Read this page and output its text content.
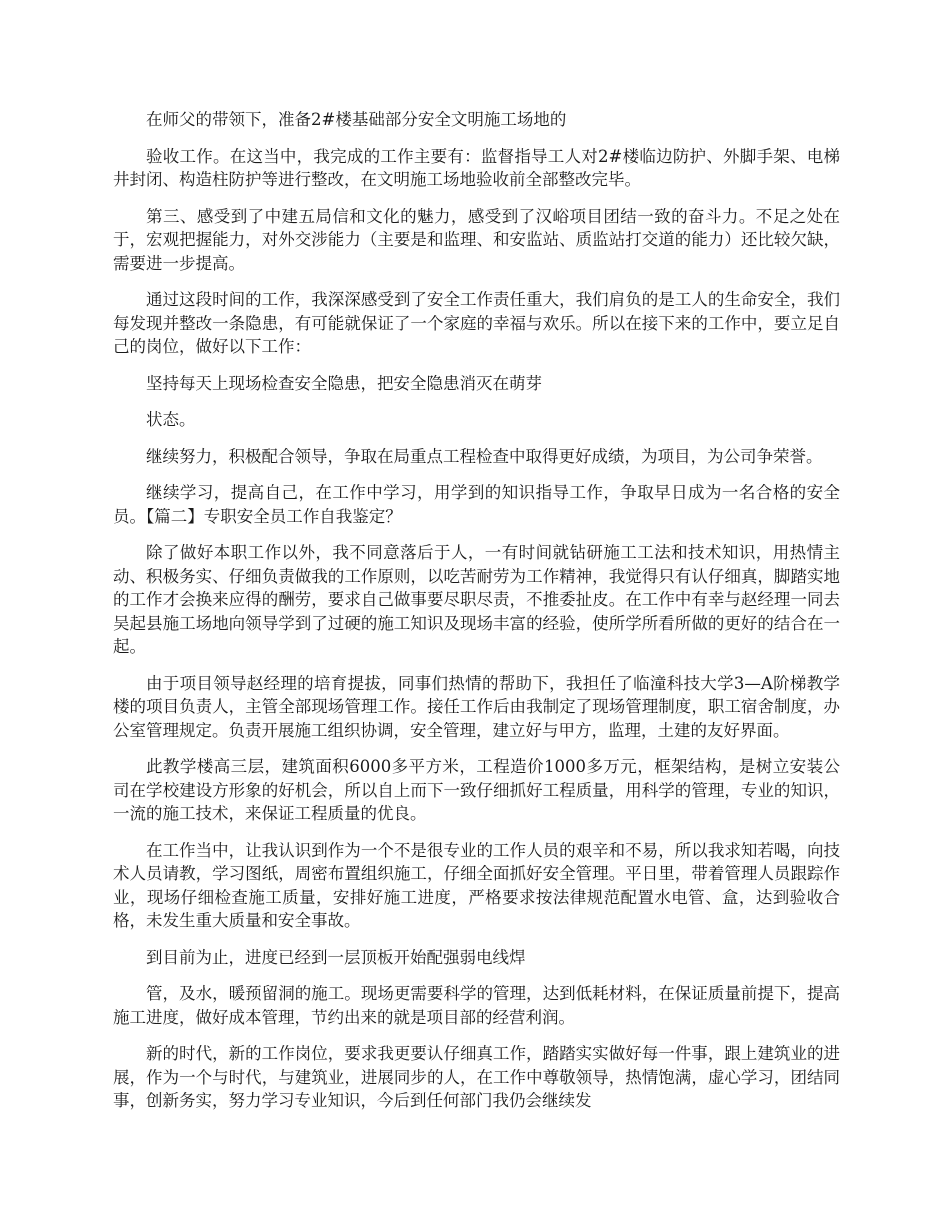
在师父的带领下，准备2#楼基础部分安全文明施工场地的

验收工作。在这当中，我完成的工作主要有：监督指导工人对2#楼临边防护、外脚手架、电梯井封闭、构造柱防护等进行整改，在文明施工场地验收前全部整改完毕。

第三、感受到了中建五局信和文化的魅力，感受到了汉峪项目团结一致的奋斗力。不足之处在于，宏观把握能力，对外交涉能力（主要是和监理、和安监站、质监站打交道的能力）还比较欠缺，需要进一步提高。

通过这段时间的工作，我深深感受到了安全工作责任重大，我们肩负的是工人的生命安全，我们每发现并整改一条隐患，有可能就保证了一个家庭的幸福与欢乐。所以在接下来的工作中，要立足自己的岗位，做好以下工作：

坚持每天上现场检查安全隐患，把安全隐患消灭在萌芽

状态。

继续努力，积极配合领导，争取在局重点工程检查中取得更好成绩，为项目，为公司争荣誉。

继续学习，提高自己，在工作中学习，用学到的知识指导工作，争取早日成为一名合格的安全员。【篇二】专职安全员工作自我鉴定？

除了做好本职工作以外，我不同意落后于人，一有时间就钻研施工工法和技术知识，用热情主动、积极务实、仔细负责做我的工作原则，以吃苦耐劳为工作精神，我觉得只有认仔细真，脚踏实地的工作才会换来应得的酬劳，要求自己做事要尽职尽责，不推委扯皮。在工作中有幸与赵经理一同去吴起县施工场地向领导学到了过硬的施工知识及现场丰富的经验，使所学所看所做的更好的结合在一起。

由于项目领导赵经理的培育提拔，同事们热情的帮助下，我担任了临潼科技大学3—A阶梯教学楼的项目负责人，主管全部现场管理工作。接任工作后由我制定了现场管理制度，职工宿舍制度，办公室管理规定。负责开展施工组织协调，安全管理，建立好与甲方，监理，土建的友好界面。

此教学楼高三层，建筑面积6000多平方米，工程造价1000多万元，框架结构，是树立安装公司在学校建设方形象的好机会，所以自上而下一致仔细抓好工程质量，用科学的管理，专业的知识，一流的施工技术，来保证工程质量的优良。

在工作当中，让我认识到作为一个不是很专业的工作人员的艰辛和不易，所以我求知若喝，向技术人员请教，学习图纸，周密布置组织施工，仔细全面抓好安全管理。平日里，带着管理人员跟踪作业，现场仔细检查施工质量，安排好施工进度，严格要求按法律规范配置水电管、盒，达到验收合格，未发生重大质量和安全事故。

到目前为止，进度已经到一层顶板开始配强弱电线焊

管，及水，暖预留洞的施工。现场更需要科学的管理，达到低耗材料，在保证质量前提下，提高施工进度，做好成本管理，节约出来的就是项目部的经营利润。

新的时代，新的工作岗位，要求我更要认仔细真工作，踏踏实实做好每一件事，跟上建筑业的进展，作为一个与时代，与建筑业，进展同步的人，在工作中尊敬领导，热情饱满，虚心学习，团结同事，创新务实，努力学习专业知识，今后到任何部门我仍会继续发
